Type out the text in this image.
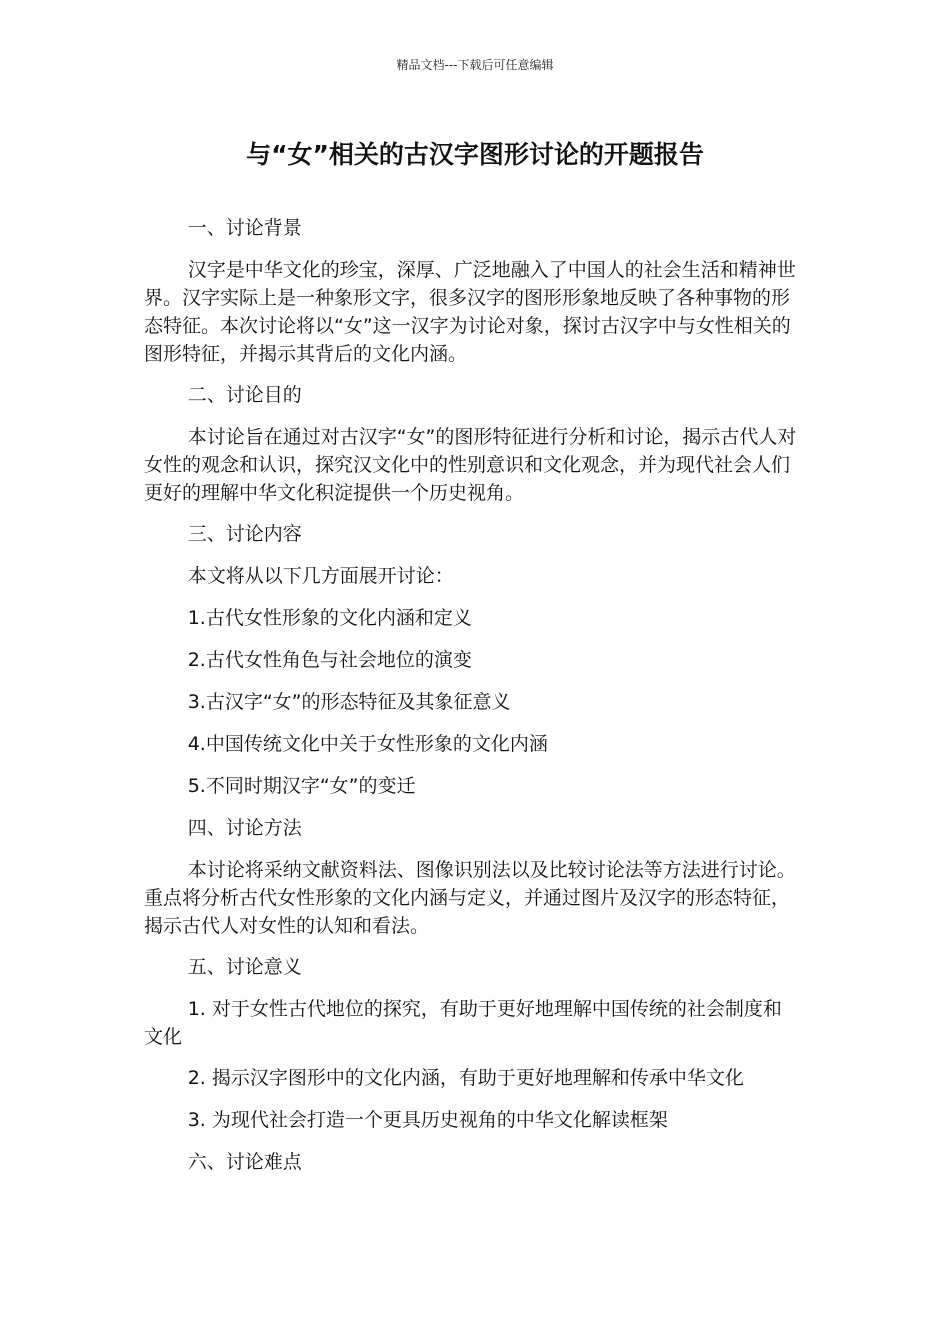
精品文档---下载后可任意编辑
与“女”相关的古汉字图形讨论的开题报告

一、讨论背景

汉字是中华文化的珍宝，深厚、广泛地融入了中国人的社会生活和精神世界。汉字实际上是一种象形文字，很多汉字的图形形象地反映了各种事物的形态特征。本次讨论将以“女”这一汉字为讨论对象，探讨古汉字中与女性相关的图形特征，并揭示其背后的文化内涵。

二、讨论目的

本讨论旨在通过对古汉字“女”的图形特征进行分析和讨论，揭示古代人对女性的观念和认识，探究汉文化中的性别意识和文化观念，并为现代社会人们更好的理解中华文化积淀提供一个历史视角。

三、讨论内容

本文将从以下几方面展开讨论：

1.古代女性形象的文化内涵和定义

2.古代女性角色与社会地位的演变

3.古汉字“女”的形态特征及其象征意义

4.中国传统文化中关于女性形象的文化内涵

5.不同时期汉字“女”的变迁

四、讨论方法

本讨论将采纳文献资料法、图像识别法以及比较讨论法等方法进行讨论。重点将分析古代女性形象的文化内涵与定义，并通过图片及汉字的形态特征，揭示古代人对女性的认知和看法。

五、讨论意义

1. 对于女性古代地位的探究，有助于更好地理解中国传统的社会制度和文化

2. 揭示汉字图形中的文化内涵，有助于更好地理解和传承中华文化

3. 为现代社会打造一个更具历史视角的中华文化解读框架

六、讨论难点
